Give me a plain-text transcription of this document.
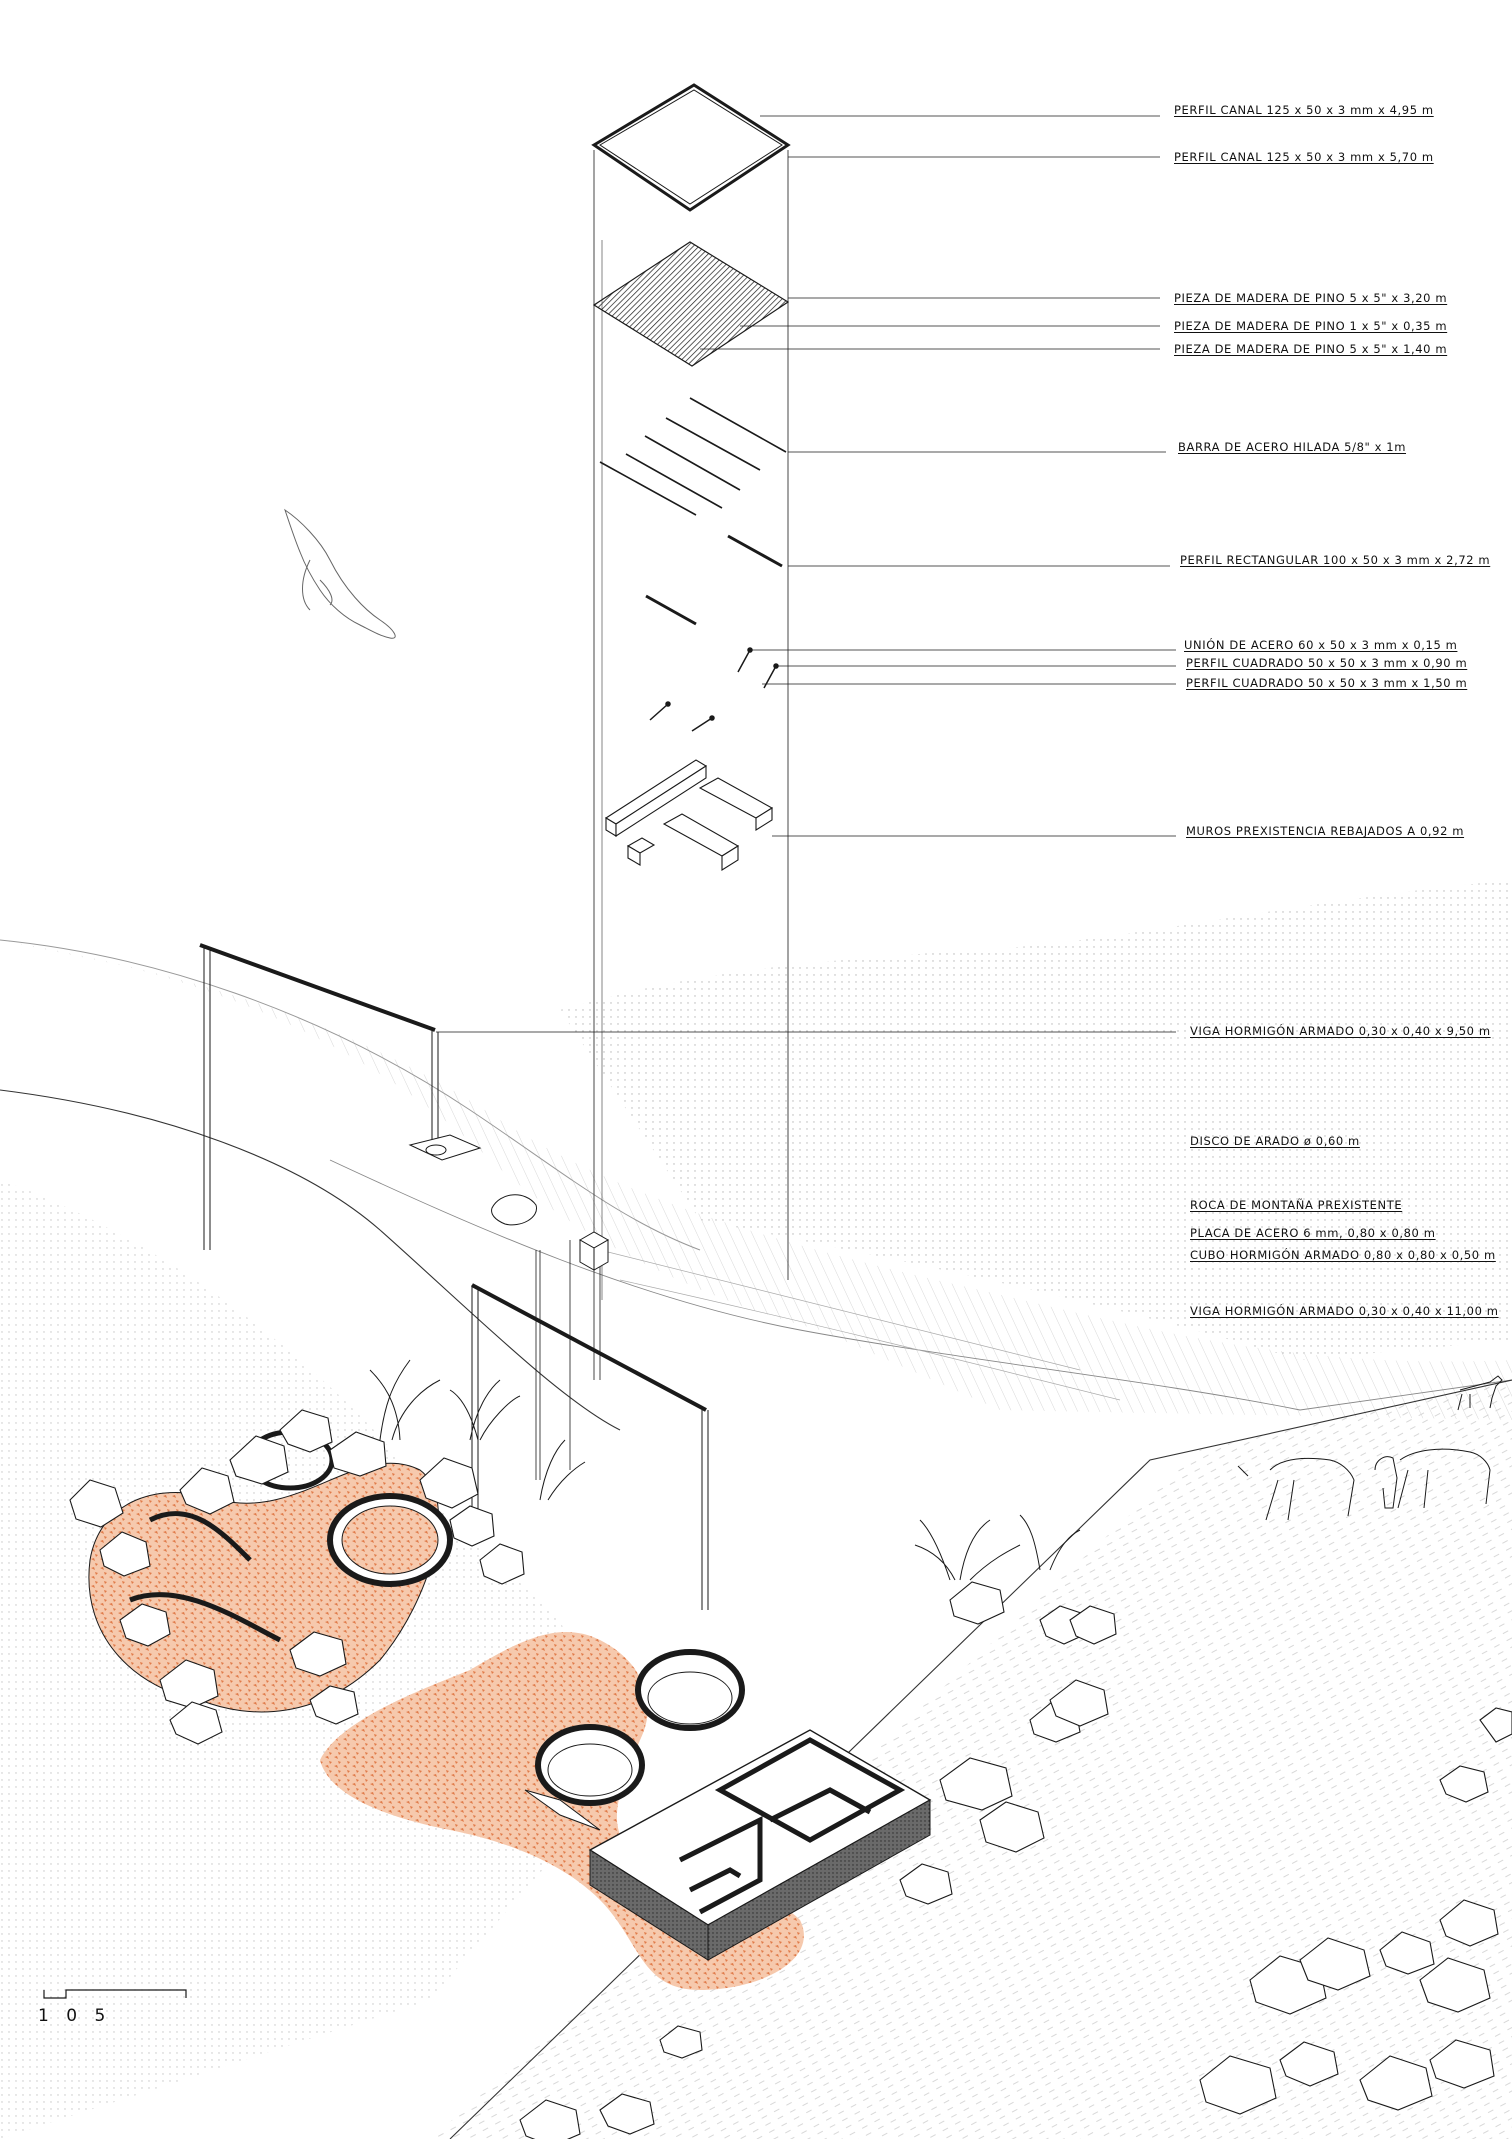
PERFIL CANAL 125 x 50 x 3 mm x 4,95 m
PERFIL CANAL 125 x 50 x 3 mm x 5,70 m
PIEZA DE MADERA DE PINO 5 x 5" x 3,20 m
PIEZA DE MADERA DE PINO 1 x 5" x 0,35 m
PIEZA DE MADERA DE PINO 5 x 5" x 1,40 m
BARRA DE ACERO HILADA 5/8" x 1m
PERFIL RECTANGULAR 100 x 50 x 3 mm x 2,72 m
UNIÓN DE ACERO 60 x 50 x 3 mm x 0,15 m
PERFIL CUADRADO 50 x 50 x 3 mm x 0,90 m
PERFIL CUADRADO 50 x 50 x 3 mm x 1,50 m
MUROS PREXISTENCIA REBAJADOS A 0,92 m
VIGA HORMIGÓN ARMADO 0,30 x 0,40 x 9,50 m
DISCO DE ARADO ø 0,60 m
ROCA DE MONTAÑA PREXISTENTE
PLACA DE ACERO 6 mm, 0,80 x 0,80 m
CUBO HORMIGÓN ARMADO 0,80 x 0,80 x 0,50 m
VIGA HORMIGÓN ARMADO 0,30 x 0,40 x 11,00 m
1 0 5
